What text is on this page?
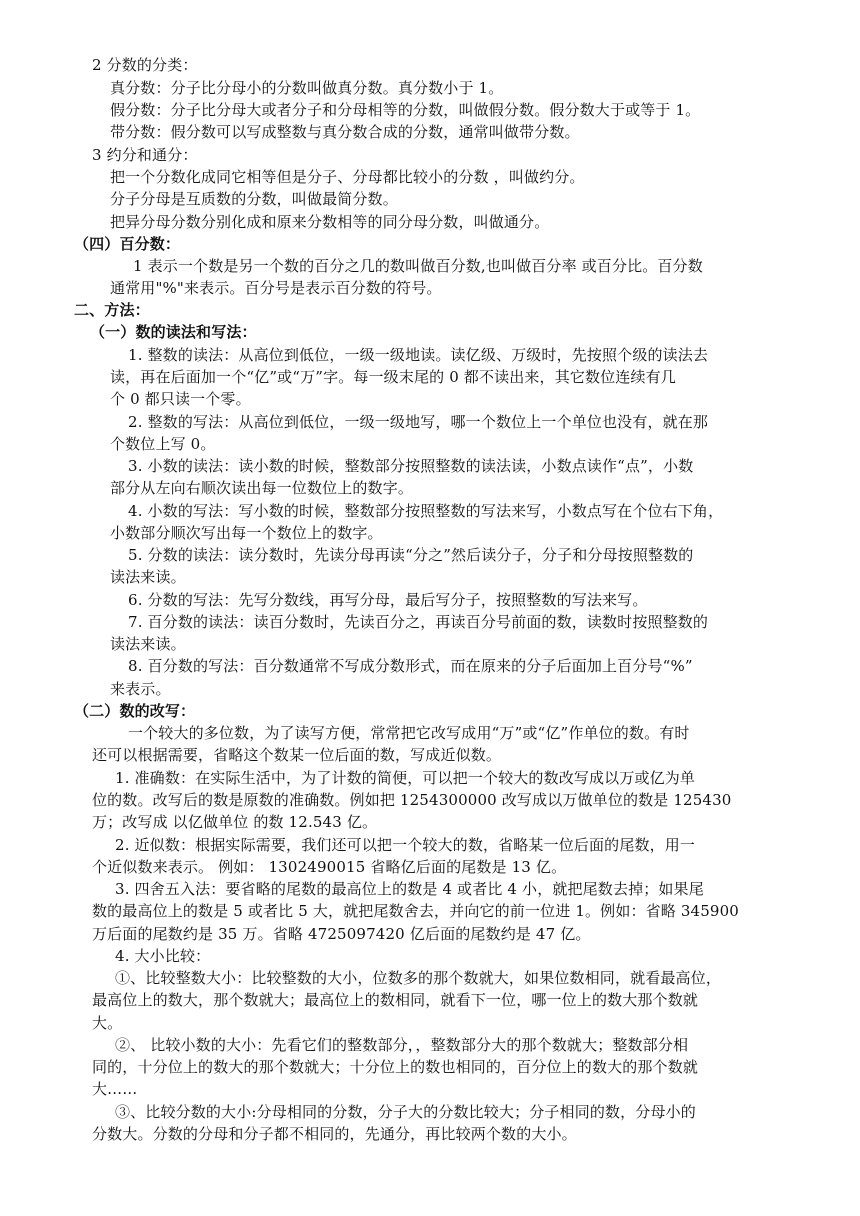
2 分数的分类：

真分数：分子比分母小的分数叫做真分数。真分数小于 1。

假分数：分子比分母大或者分子和分母相等的分数，叫做假分数。假分数大于或等于 1。

带分数：假分数可以写成整数与真分数合成的分数，通常叫做带分数。

3 约分和通分：

把一个分数化成同它相等但是分子、分母都比较小的分数 ，叫做约分。

分子分母是互质数的分数，叫做最简分数。

把异分母分数分别化成和原来分数相等的同分母分数，叫做通分。

（四）百分数：

1 表示一个数是另一个数的百分之几的数叫做百分数,也叫做百分率 或百分比。百分数

通常用"%"来表示。百分号是表示百分数的符号。

二、方法：

（一）数的读法和写法：

1. 整数的读法：从高位到低位，一级一级地读。读亿级、万级时，先按照个级的读法去

读，再在后面加一个“亿”或“万”字。每一级末尾的 0 都不读出来，其它数位连续有几

个 0 都只读一个零。

2. 整数的写法：从高位到低位，一级一级地写，哪一个数位上一个单位也没有，就在那

个数位上写 0。

3. 小数的读法：读小数的时候，整数部分按照整数的读法读，小数点读作“点”，小数

部分从左向右顺次读出每一位数位上的数字。

4. 小数的写法：写小数的时候，整数部分按照整数的写法来写，小数点写在个位右下角，

小数部分顺次写出每一个数位上的数字。

5. 分数的读法：读分数时，先读分母再读“分之”然后读分子，分子和分母按照整数的

读法来读。

6. 分数的写法：先写分数线，再写分母，最后写分子，按照整数的写法来写。

7. 百分数的读法：读百分数时，先读百分之，再读百分号前面的数，读数时按照整数的

读法来读。

8. 百分数的写法：百分数通常不写成分数形式，而在原来的分子后面加上百分号“%”

来表示。

（二）数的改写：

一个较大的多位数，为了读写方便，常常把它改写成用“万”或“亿”作单位的数。有时

还可以根据需要，省略这个数某一位后面的数，写成近似数。

1. 准确数：在实际生活中，为了计数的简便，可以把一个较大的数改写成以万或亿为单

位的数。改写后的数是原数的准确数。例如把 1254300000 改写成以万做单位的数是 125430

万；改写成 以亿做单位 的数 12.543 亿。

2. 近似数：根据实际需要，我们还可以把一个较大的数，省略某一位后面的尾数，用一

个近似数来表示。 例如： 1302490015 省略亿后面的尾数是 13 亿。

3. 四舍五入法：要省略的尾数的最高位上的数是 4 或者比 4 小，就把尾数去掉；如果尾

数的最高位上的数是 5 或者比 5 大，就把尾数舍去，并向它的前一位进 1。例如：省略 345900

万后面的尾数约是 35 万。省略 4725097420 亿后面的尾数约是 47 亿。

4. 大小比较：

①、比较整数大小：比较整数的大小，位数多的那个数就大，如果位数相同，就看最高位，

最高位上的数大，那个数就大；最高位上的数相同，就看下一位，哪一位上的数大那个数就

大。

②、 比较小数的大小：先看它们的整数部分，，整数部分大的那个数就大；整数部分相

同的，十分位上的数大的那个数就大；十分位上的数也相同的，百分位上的数大的那个数就

大……

③、比较分数的大小:分母相同的分数，分子大的分数比较大；分子相同的数，分母小的

分数大。分数的分母和分子都不相同的，先通分，再比较两个数的大小。
